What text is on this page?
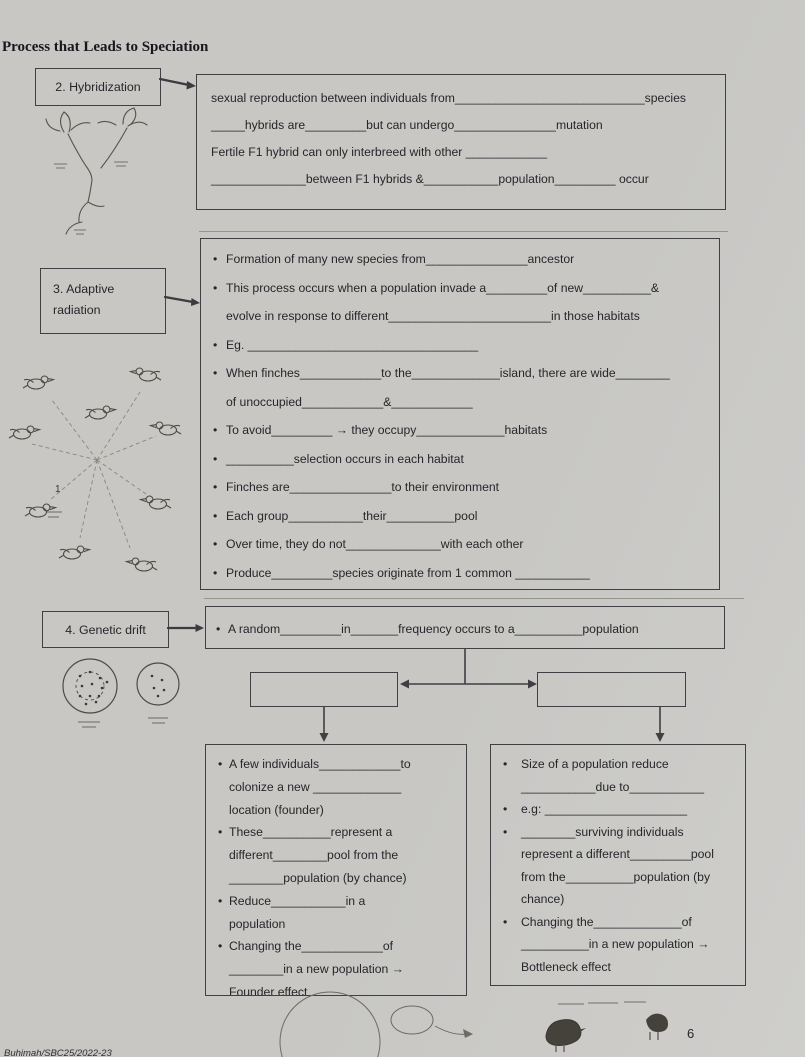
Process that Leads to Speciation
2. Hybridization

sexual reproduction between individuals from____________________________species

_____hybrids are_________but can undergo_______________mutation

Fertile F1 hybrid can only interbreed with other ____________

______________between F1 hybrids &___________population_________ occur

3. Adaptive radiation

• Formation of many new species from_______________ancestor

• This process occurs when a population invade a_________of new__________&

evolve in response to different________________________in those habitats

• Eg. __________________________________

• When finches____________to the_____________island, there are wide________

of unoccupied____________&____________

• To avoid_________ → they occupy_____________habitats

• __________selection occurs in each habitat

• Finches are_______________to their environment

• Each group___________their__________pool

• Over time, they do not______________with each other

• Produce_________species originate from 1 common ___________

1
4. Genetic drift	• A random_________in_______frequency occurs to a__________population

• A few individuals____________to

colonize a new _____________

location (founder)

• These__________represent a

different________pool from the

________population (by chance)

• Reduce___________in a

population

• Changing the____________of

________in a new population →

Founder effect

• Size of a population reduce

___________due to___________

• e.g: _____________________

• ________surviving individuals

represent a different_________pool

from the__________population (by

chance)

• Changing the_____________of

__________in a new population →

Bottleneck effect

Buhimah/SBC25/2022-23
6
